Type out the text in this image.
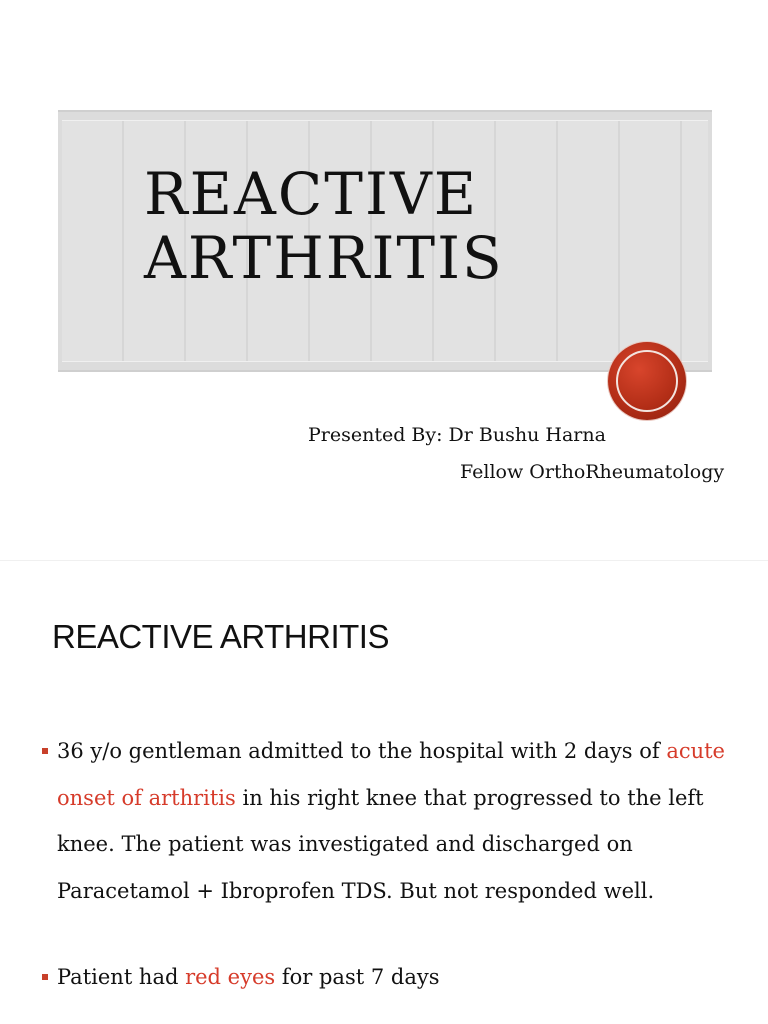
REACTIVE
ARTHRITIS

Presented By: Dr Bushu Harna

Fellow OrthoRheumatology

REACTIVE ARTHRITIS
36 y/o gentleman admitted to the hospital with 2 days of acute onset of arthritis in his right knee that progressed to the left knee. The patient was investigated and discharged on Paracetamol + Ibroprofen TDS. But not responded well.
Patient had red eyes for past 7 days
